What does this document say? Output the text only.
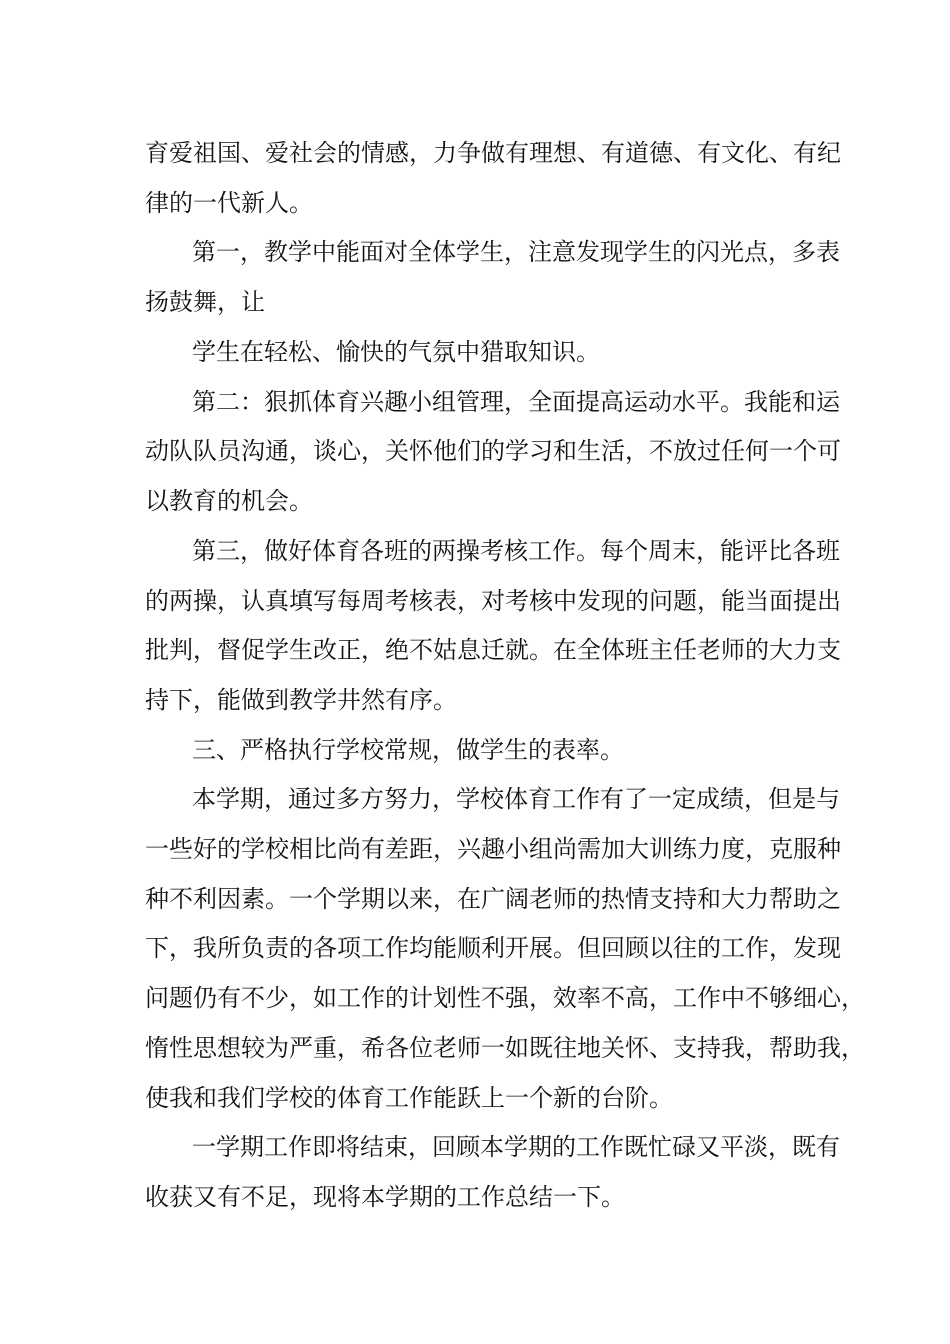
育爱祖国、爱社会的情感，力争做有理想、有道德、有文化、有纪

律的一代新人。

第一，教学中能面对全体学生，注意发现学生的闪光点，多表

扬鼓舞，让

学生在轻松、愉快的气氛中猎取知识。

第二：狠抓体育兴趣小组管理，全面提高运动水平。我能和运

动队队员沟通，谈心，关怀他们的学习和生活，不放过任何一个可

以教育的机会。

第三，做好体育各班的两操考核工作。每个周末，能评比各班

的两操，认真填写每周考核表，对考核中发现的问题，能当面提出

批判，督促学生改正，绝不姑息迁就。在全体班主任老师的大力支

持下，能做到教学井然有序。

三、严格执行学校常规，做学生的表率。

本学期，通过多方努力，学校体育工作有了一定成绩，但是与

一些好的学校相比尚有差距，兴趣小组尚需加大训练力度，克服种

种不利因素。一个学期以来，在广阔老师的热情支持和大力帮助之

下，我所负责的各项工作均能顺利开展。但回顾以往的工作，发现

问题仍有不少，如工作的计划性不强，效率不高，工作中不够细心，

惰性思想较为严重，希各位老师一如既往地关怀、支持我，帮助我，

使我和我们学校的体育工作能跃上一个新的台阶。

一学期工作即将结束，回顾本学期的工作既忙碌又平淡，既有

收获又有不足，现将本学期的工作总结一下。
